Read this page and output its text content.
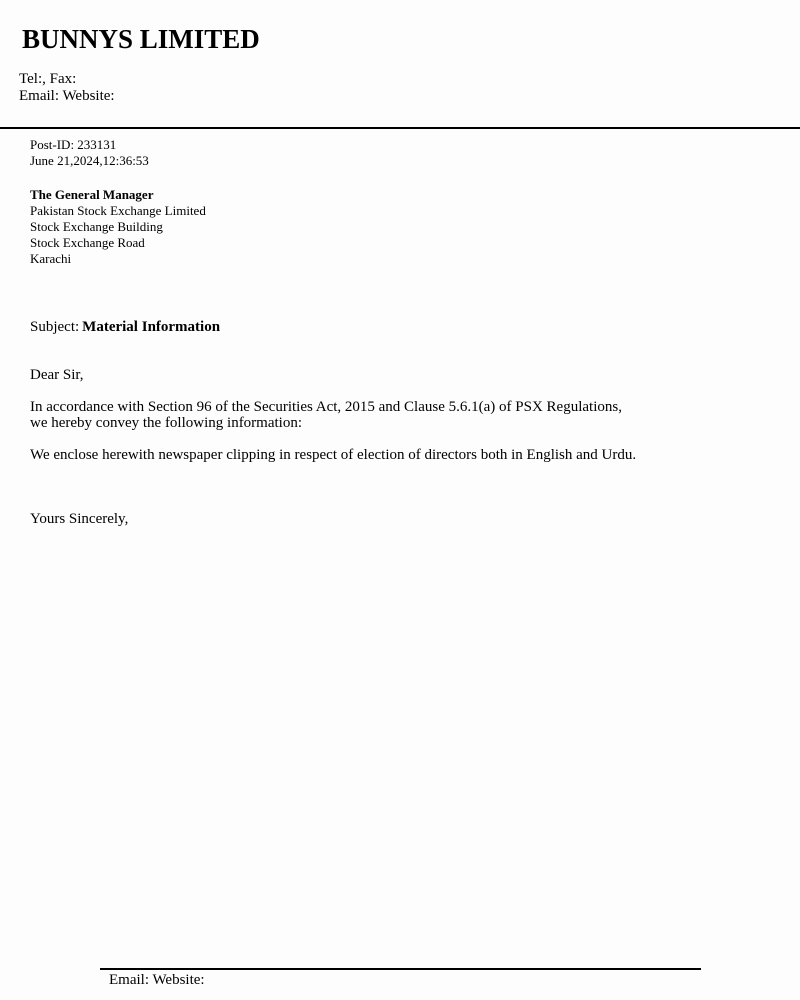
BUNNYS LIMITED
Tel:, Fax:
Email: Website:
Post-ID: 233131
June 21,2024,12:36:53
The General Manager
Pakistan Stock Exchange Limited
Stock Exchange Building
Stock Exchange Road
Karachi
Subject: Material Information
Dear Sir,
In accordance with Section 96 of the Securities Act, 2015 and Clause 5.6.1(a) of PSX Regulations,
we hereby convey the following information:
We enclose herewith newspaper clipping in respect of election of directors both in English and Urdu.
Yours Sincerely,
Email: Website:
